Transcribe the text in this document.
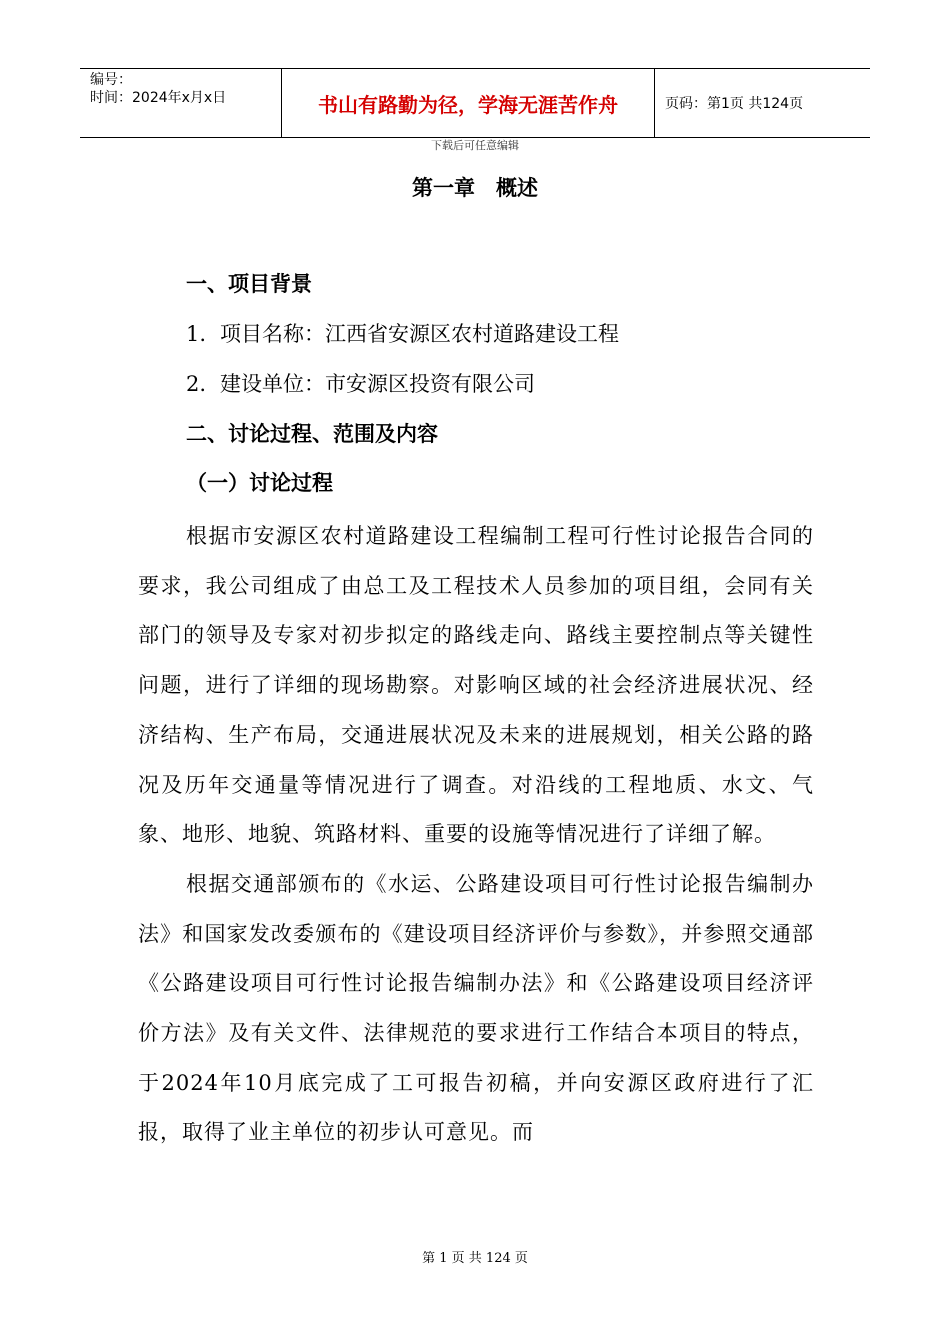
编号：
时间：2024年x月x日	书山有路勤为径，学海无涯苦作舟	页码：第1页 共124页
下载后可任意编辑
第一章　概述
一、项目背景
1. 项目名称：江西省安源区农村道路建设工程
2. 建设单位：市安源区投资有限公司
二、讨论过程、范围及内容
（一）讨论过程

根据市安源区农村道路建设工程编制工程可行性讨论报告合同的要求，我公司组成了由总工及工程技术人员参加的项目组，会同有关部门的领导及专家对初步拟定的路线走向、路线主要控制点等关键性问题，进行了详细的现场勘察。对影响区域的社会经济进展状况、经济结构、生产布局，交通进展状况及未来的进展规划，相关公路的路况及历年交通量等情况进行了调查。对沿线的工程地质、水文、气象、地形、地貌、筑路材料、重要的设施等情况进行了详细了解。

根据交通部颁布的《水运、公路建设项目可行性讨论报告编制办法》和国家发改委颁布的《建设项目经济评价与参数》，并参照交通部《公路建设项目可行性讨论报告编制办法》和《公路建设项目经济评价方法》及有关文件、法律规范的要求进行工作结合本项目的特点，于2024年10月底完成了工可报告初稿，并向安源区政府进行了汇报，取得了业主单位的初步认可意见。而

第 1 页 共 124 页
